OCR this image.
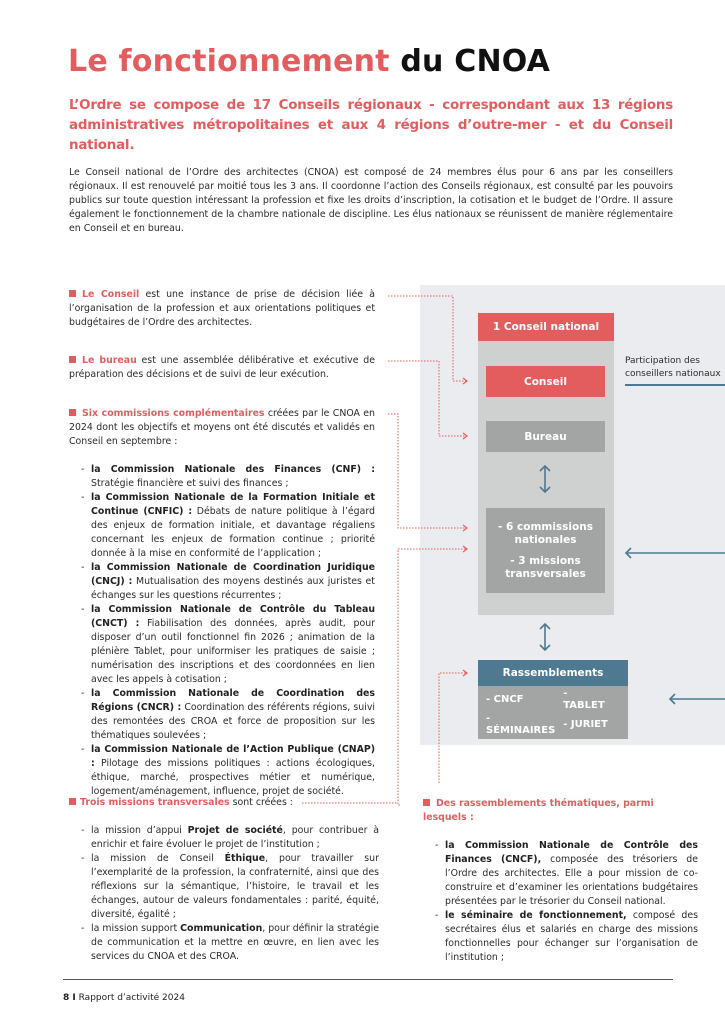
Le fonctionnement du CNOA

L’Ordre se compose de 17 Conseils régionaux - correspondant aux 13 régions administratives métropolitaines et aux 4 régions d’outre-mer - et du Conseil national.

Le Conseil national de l’Ordre des architectes (CNOA) est composé de 24 membres élus pour 6 ans par les conseillers régionaux. Il est renouvelé par moitié tous les 3 ans. Il coordonne l’action des Conseils régionaux, est consulté par les pouvoirs publics sur toute question intéressant la profession et fixe les droits d’inscription, la cotisation et le budget de l’Ordre. Il assure également le fonctionnement de la chambre nationale de discipline. Les élus nationaux se réunissent de manière réglementaire en Conseil et en bureau.

Le Conseil est une instance de prise de décision liée à l’organisation de la profession et aux orientations politiques et budgétaires de l’Ordre des architectes.
Le bureau est une assemblée délibérative et exécutive de préparation des décisions et de suivi de leur exécution.
Six commissions complémentaires créées par le CNOA en 2024 dont les objectifs et moyens ont été discutés et validés en Conseil en septembre :
- la Commission Nationale des Finances (CNF) : Stratégie financière et suivi des finances ;
- la Commission Nationale de la Formation Initiale et Continue (CNFIC) : Débats de nature politique à l’égard des enjeux de formation initiale, et davantage régaliens concernant les enjeux de formation continue ; priorité donnée à la mise en conformité de l’application ;
- la Commission Nationale de Coordination Juridique (CNCJ) : Mutualisation des moyens destinés aux juristes et échanges sur les questions récurrentes ;
- la Commission Nationale de Contrôle du Tableau (CNCT) : Fiabilisation des données, après audit, pour disposer d’un outil fonctionnel fin 2026 ; animation de la plénière Tablet, pour uniformiser les pratiques de saisie ; numérisation des inscriptions et des coordonnées en lien avec les appels à cotisation ;
- la Commission Nationale de Coordination des Régions (CNCR) : Coordination des référents régions, suivi des remontées des CROA et force de proposition sur les thématiques soulevées ;
- la Commission Nationale de l’Action Publique (CNAP) : Pilotage des missions politiques : actions écologiques, éthique, marché, prospectives métier et numérique, logement/aménagement, influence, projet de société.
Trois missions transversales sont créées :
- la mission d’appui Projet de société, pour contribuer à enrichir et faire évoluer le projet de l’institution ;
- la mission de Conseil Éthique, pour travailler sur l’exemplarité de la profession, la confraternité, ainsi que des réflexions sur la sémantique, l’histoire, le travail et les échanges, autour de valeurs fondamentales : parité, équité, diversité, égalité ;
- la mission support Communication, pour définir la stratégie de communication et la mettre en œuvre, en lien avec les services du CNOA et des CROA.
1 Conseil national
Conseil
Bureau
- 6 commissions nationales
- 3 missions transversales
Rassemblements
- CNCF
- TABLET
- SÉMINAIRES
- JURIET
Participation des conseillers nationaux
Des rassemblements thématiques, parmi lesquels :
- la Commission Nationale de Contrôle des Finances (CNCF), composée des trésoriers de l’Ordre des architectes. Elle a pour mission de co-construire et d’examiner les orientations budgétaires présentées par le trésorier du Conseil national.
- le séminaire de fonctionnement, composé des secrétaires élus et salariés en charge des missions fonctionnelles pour échanger sur l’organisation de l’institution ;
8 I Rapport d’activité 2024
